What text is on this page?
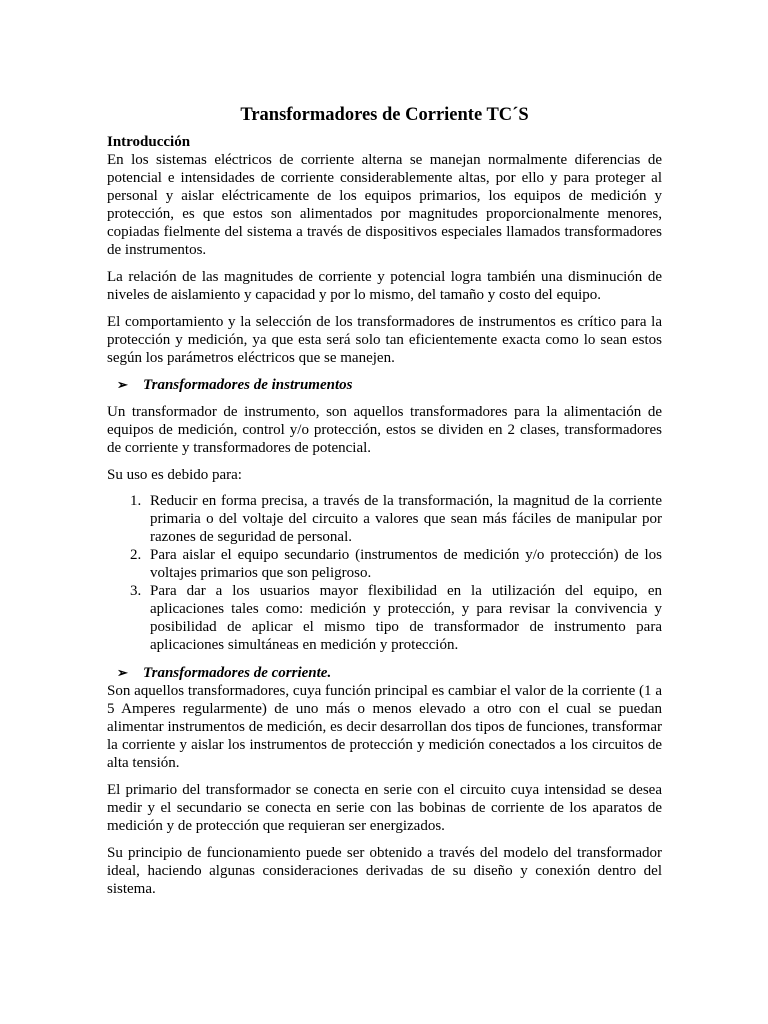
Transformadores de Corriente TC´S
Introducción

En los sistemas eléctricos de corriente alterna se manejan normalmente diferencias de potencial e intensidades de corriente considerablemente altas, por ello y para proteger al personal y aislar eléctricamente de los equipos primarios, los equipos de medición y protección, es que estos son alimentados por magnitudes proporcionalmente menores, copiadas fielmente del sistema a través de dispositivos especiales llamados transformadores de instrumentos.

La relación de las magnitudes de corriente y potencial logra también una disminución de niveles de aislamiento y capacidad y por lo mismo, del tamaño y costo del equipo.

El comportamiento y la selección de los transformadores de instrumentos es crítico para la protección y medición, ya que esta será solo tan eficientemente exacta como lo sean estos según los parámetros eléctricos que se manejen.

➢	Transformadores de instrumentos

Un transformador de instrumento, son aquellos transformadores para la alimentación de equipos de medición, control y/o protección, estos se dividen en 2 clases, transformadores de corriente y transformadores de potencial.

Su uso es debido para:

1. Reducir en forma precisa, a través de la transformación, la magnitud de la corriente primaria o del voltaje del circuito a valores que sean más fáciles de manipular por razones de seguridad de personal.
2. Para aislar el equipo secundario (instrumentos de medición y/o protección) de los voltajes primarios que son peligroso.
3. Para dar a los usuarios mayor flexibilidad en la utilización del equipo, en aplicaciones tales como: medición y protección, y para revisar la convivencia y posibilidad de aplicar el mismo tipo de transformador de instrumento para aplicaciones simultáneas en medición y protección.
➢	Transformadores de corriente.

Son aquellos transformadores, cuya función principal es cambiar el valor de la corriente (1 a 5 Amperes regularmente) de uno más o menos elevado a otro con el cual se puedan alimentar instrumentos de medición, es decir desarrollan dos tipos de funciones, transformar la corriente y aislar los instrumentos de protección y medición conectados a los circuitos de alta tensión.

El primario del transformador se conecta en serie con el circuito cuya intensidad se desea medir y el secundario se conecta en serie con las bobinas de corriente de los aparatos de medición y de protección que requieran ser energizados.

Su principio de funcionamiento puede ser obtenido a través del modelo del transformador ideal, haciendo algunas consideraciones derivadas de su diseño y conexión dentro del sistema.
